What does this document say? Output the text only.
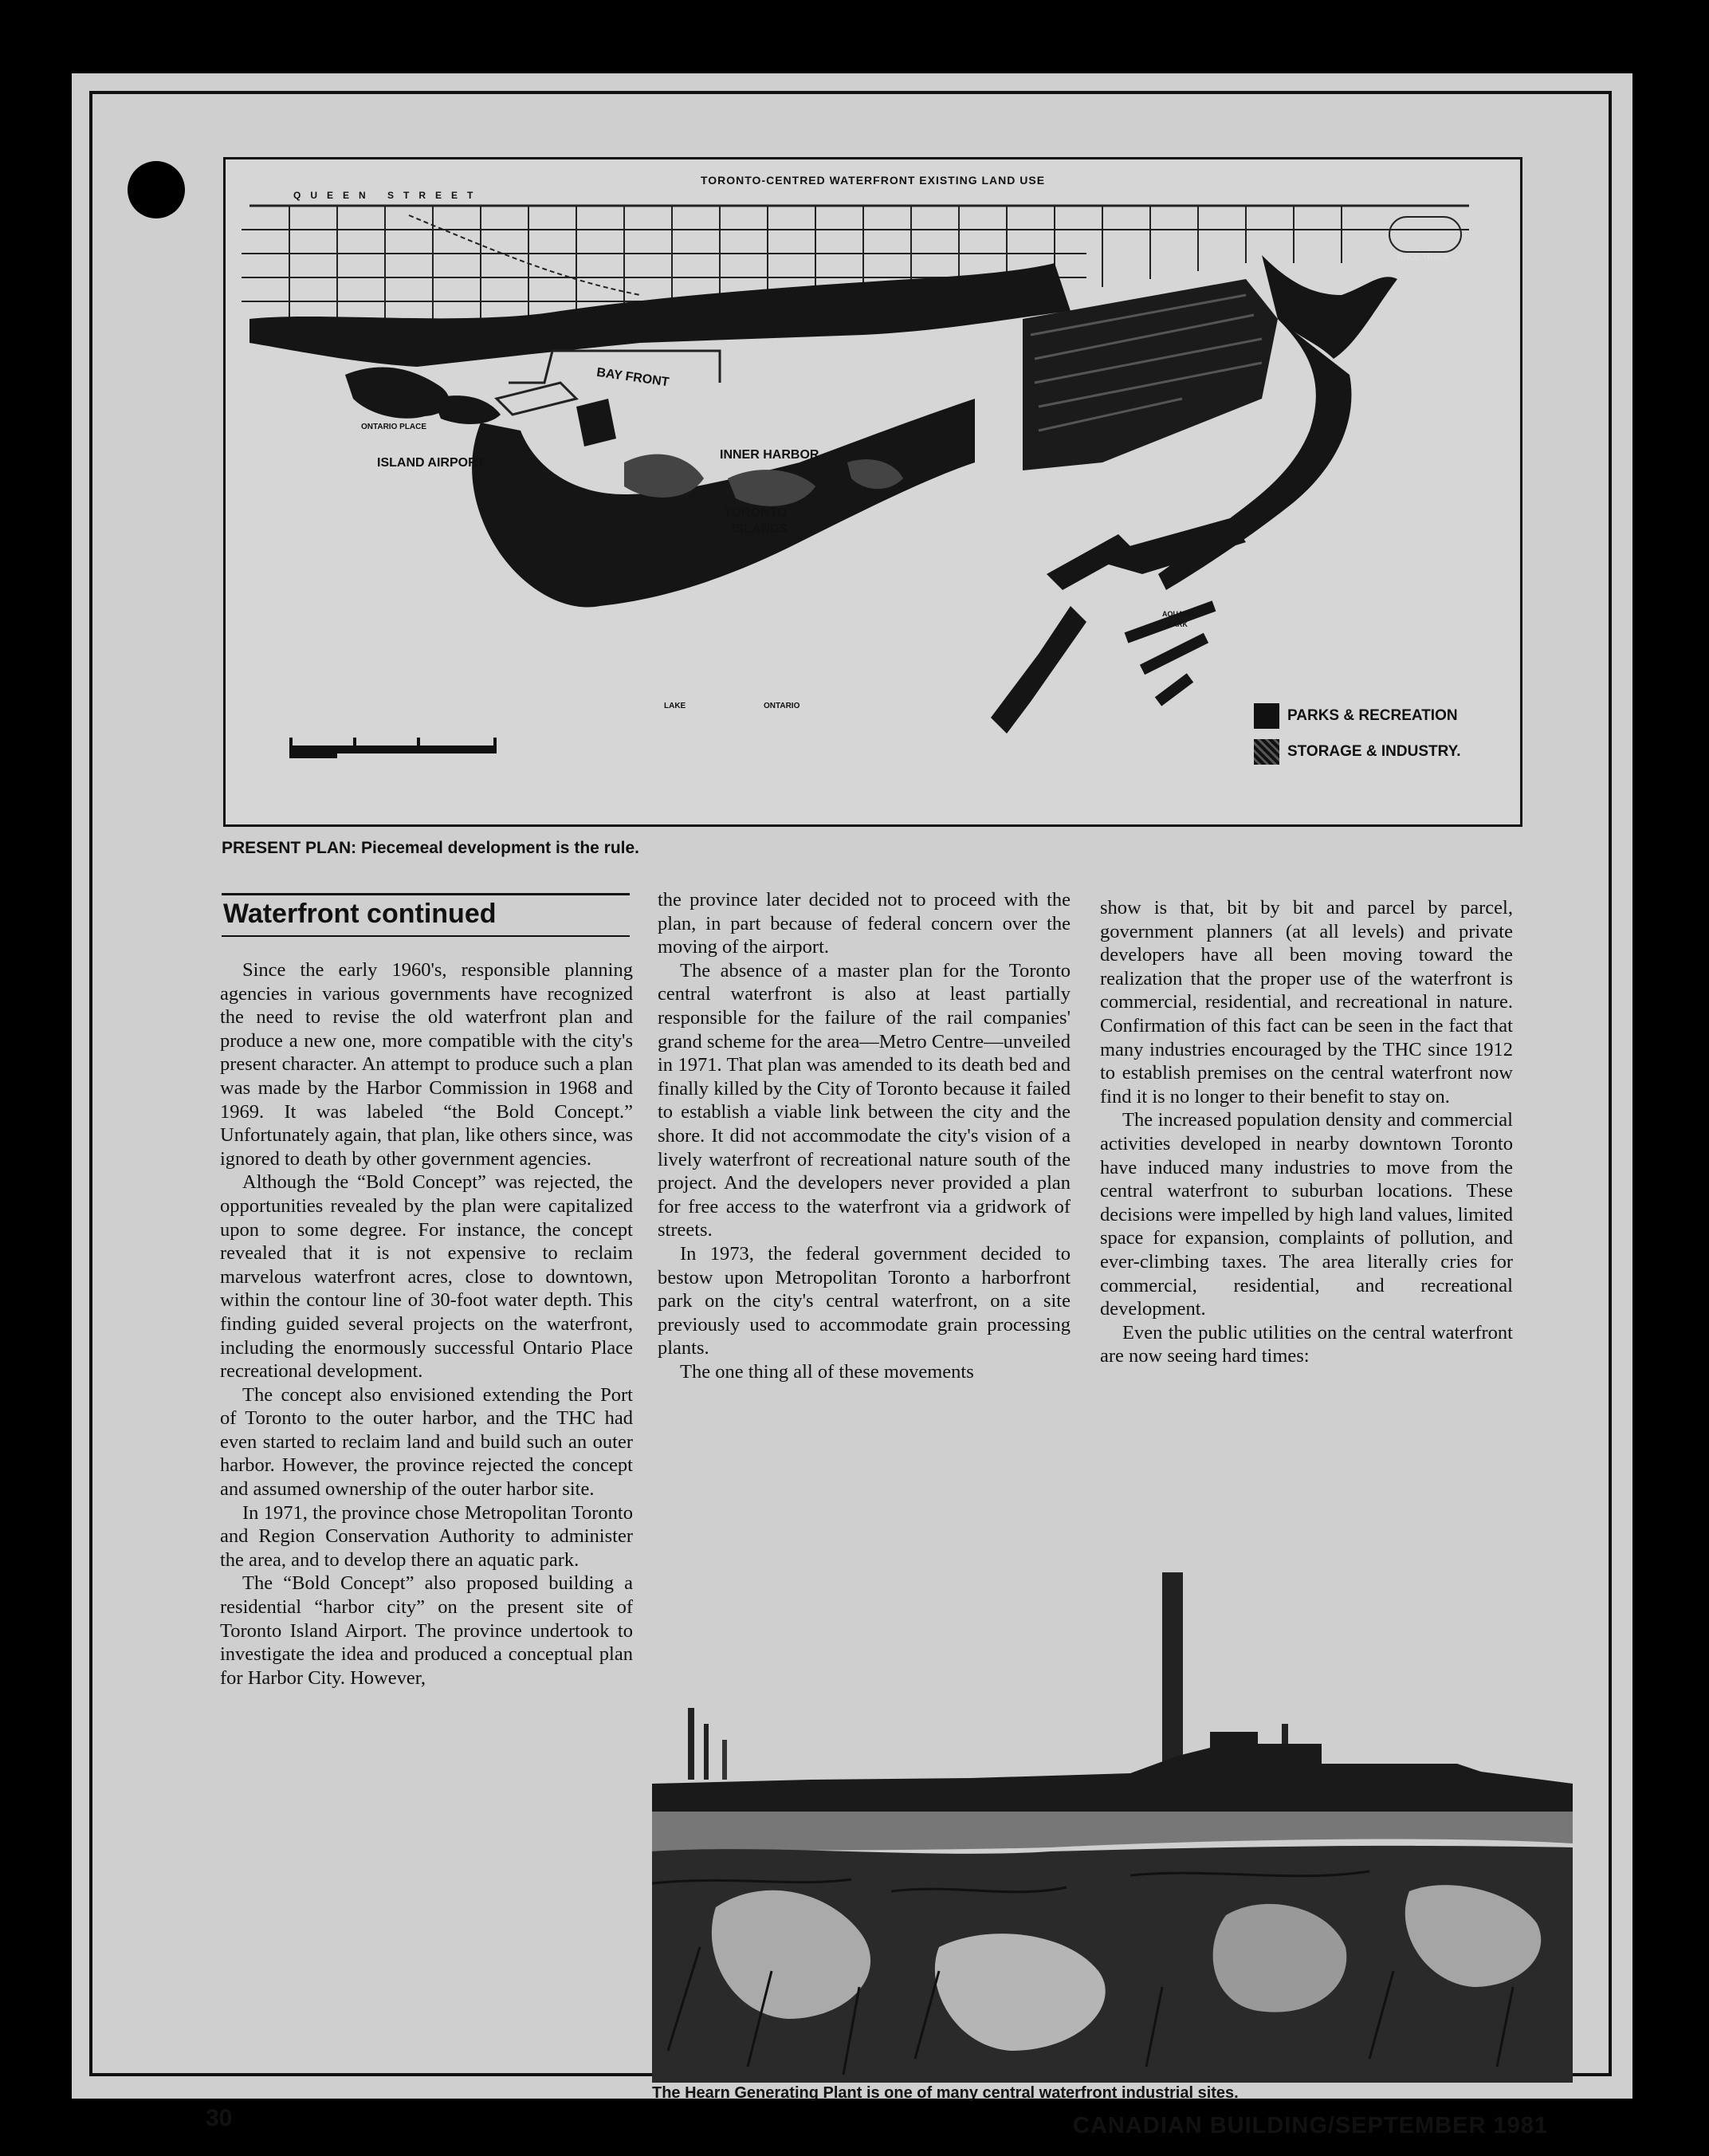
TORONTO-CENTRED WATERFRONT EXISTING LAND USE
QUEEN STREET
BAY FRONT
ONTARIO PLACE
ISLAND AIRPORT
INNER HARBOR
TORONTO
ISLANDS
RACE TRACK
AQUATIC
PARK
LAKE	ONTARIO
PARKS & RECREATION
STORAGE & INDUSTRY.
PRESENT PLAN: Piecemeal development is the rule.
Waterfront continued

Since the early 1960's, responsible planning agencies in various governments have recognized the need to revise the old waterfront plan and produce a new one, more compatible with the city's present character. An attempt to produce such a plan was made by the Harbor Commission in 1968 and 1969. It was labeled “the Bold Concept.” Unfortunately again, that plan, like others since, was ignored to death by other government agencies.

Although the “Bold Concept” was rejected, the opportunities revealed by the plan were capitalized upon to some degree. For instance, the concept revealed that it is not expensive to reclaim marvelous waterfront acres, close to downtown, within the contour line of 30-foot water depth. This finding guided several projects on the waterfront, including the enormously successful Ontario Place recreational development.

The concept also envisioned extending the Port of Toronto to the outer harbor, and the THC had even started to reclaim land and build such an outer harbor. However, the province rejected the concept and assumed ownership of the outer harbor site.

In 1971, the province chose Metropolitan Toronto and Region Conservation Authority to administer the area, and to develop there an aquatic park.

The “Bold Concept” also proposed building a residential “harbor city” on the present site of Toronto Island Airport. The province undertook to investigate the idea and produced a conceptual plan for Harbor City. However,

the province later decided not to proceed with the plan, in part because of federal concern over the moving of the airport.

The absence of a master plan for the Toronto central waterfront is also at least partially responsible for the failure of the rail companies' grand scheme for the area—Metro Centre—unveiled in 1971. That plan was amended to its death bed and finally killed by the City of Toronto because it failed to establish a viable link between the city and the shore. It did not accommodate the city's vision of a lively waterfront of recreational nature south of the project. And the developers never provided a plan for free access to the waterfront via a gridwork of streets.

In 1973, the federal government decided to bestow upon Metropolitan Toronto a harborfront park on the city's central waterfront, on a site previously used to accommodate grain processing plants.

The one thing all of these movements

show is that, bit by bit and parcel by parcel, government planners (at all levels) and private developers have all been moving toward the realization that the proper use of the waterfront is commercial, residential, and recreational in nature. Confirmation of this fact can be seen in the fact that many industries encouraged by the THC since 1912 to establish premises on the central waterfront now find it is no longer to their benefit to stay on.

The increased population density and commercial activities developed in nearby downtown Toronto have induced many industries to move from the central waterfront to suburban locations. These decisions were impelled by high land values, limited space for expansion, complaints of pollution, and ever-climbing taxes. The area literally cries for commercial, residential, and recreational development.

Even the public utilities on the central waterfront are now seeing hard times:

The Hearn Generating Plant is one of many central waterfront industrial sites.
30	CANADIAN BUILDING/SEPTEMBER 1981
